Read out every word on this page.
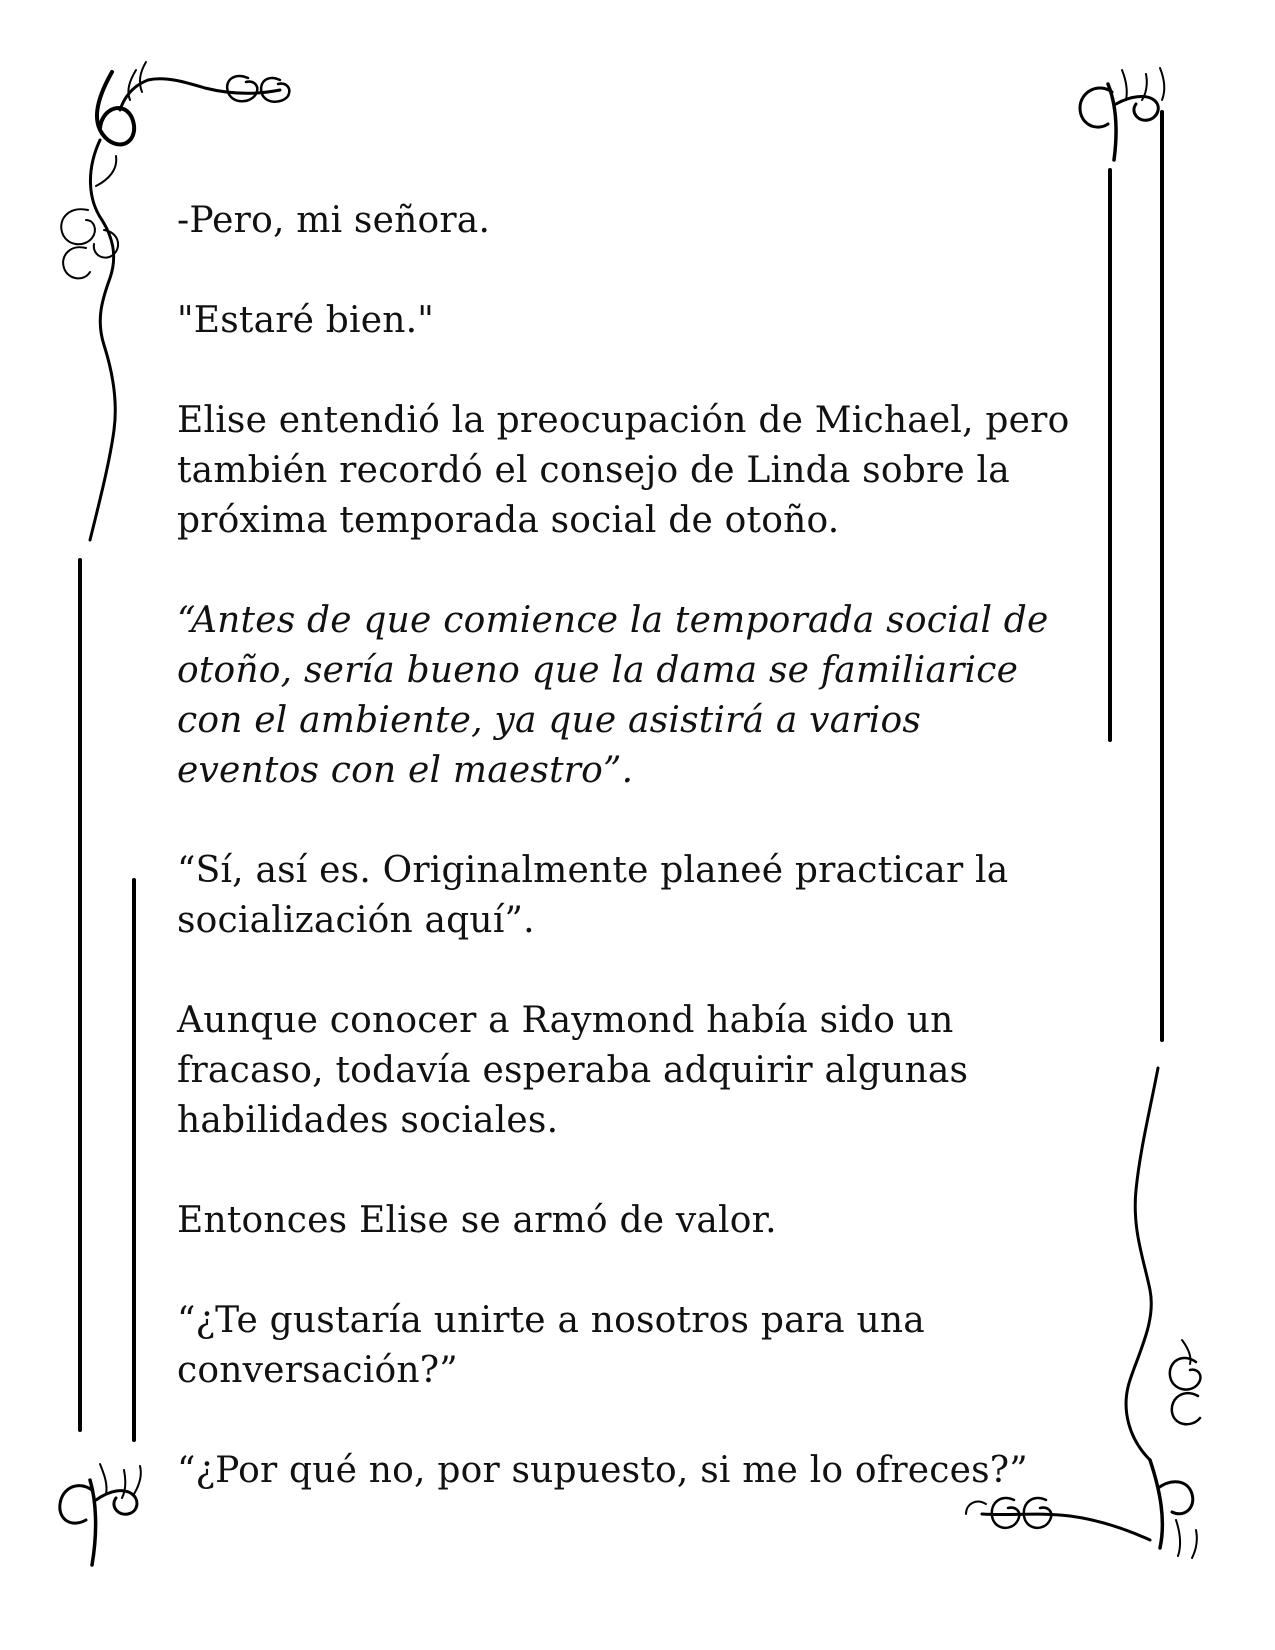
-Pero, mi señora.

"Estaré bien."

Elise entendió la preocupación de Michael, pero
también recordó el consejo de Linda sobre la
próxima temporada social de otoño.

“Antes de que comience la temporada social de
otoño, sería bueno que la dama se familiarice
con el ambiente, ya que asistirá a varios
eventos con el maestro”.

“Sí, así es. Originalmente planeé practicar la
socialización aquí”.

Aunque conocer a Raymond había sido un
fracaso, todavía esperaba adquirir algunas
habilidades sociales.

Entonces Elise se armó de valor.

“¿Te gustaría unirte a nosotros para una
conversación?”

“¿Por qué no, por supuesto, si me lo ofreces?”
